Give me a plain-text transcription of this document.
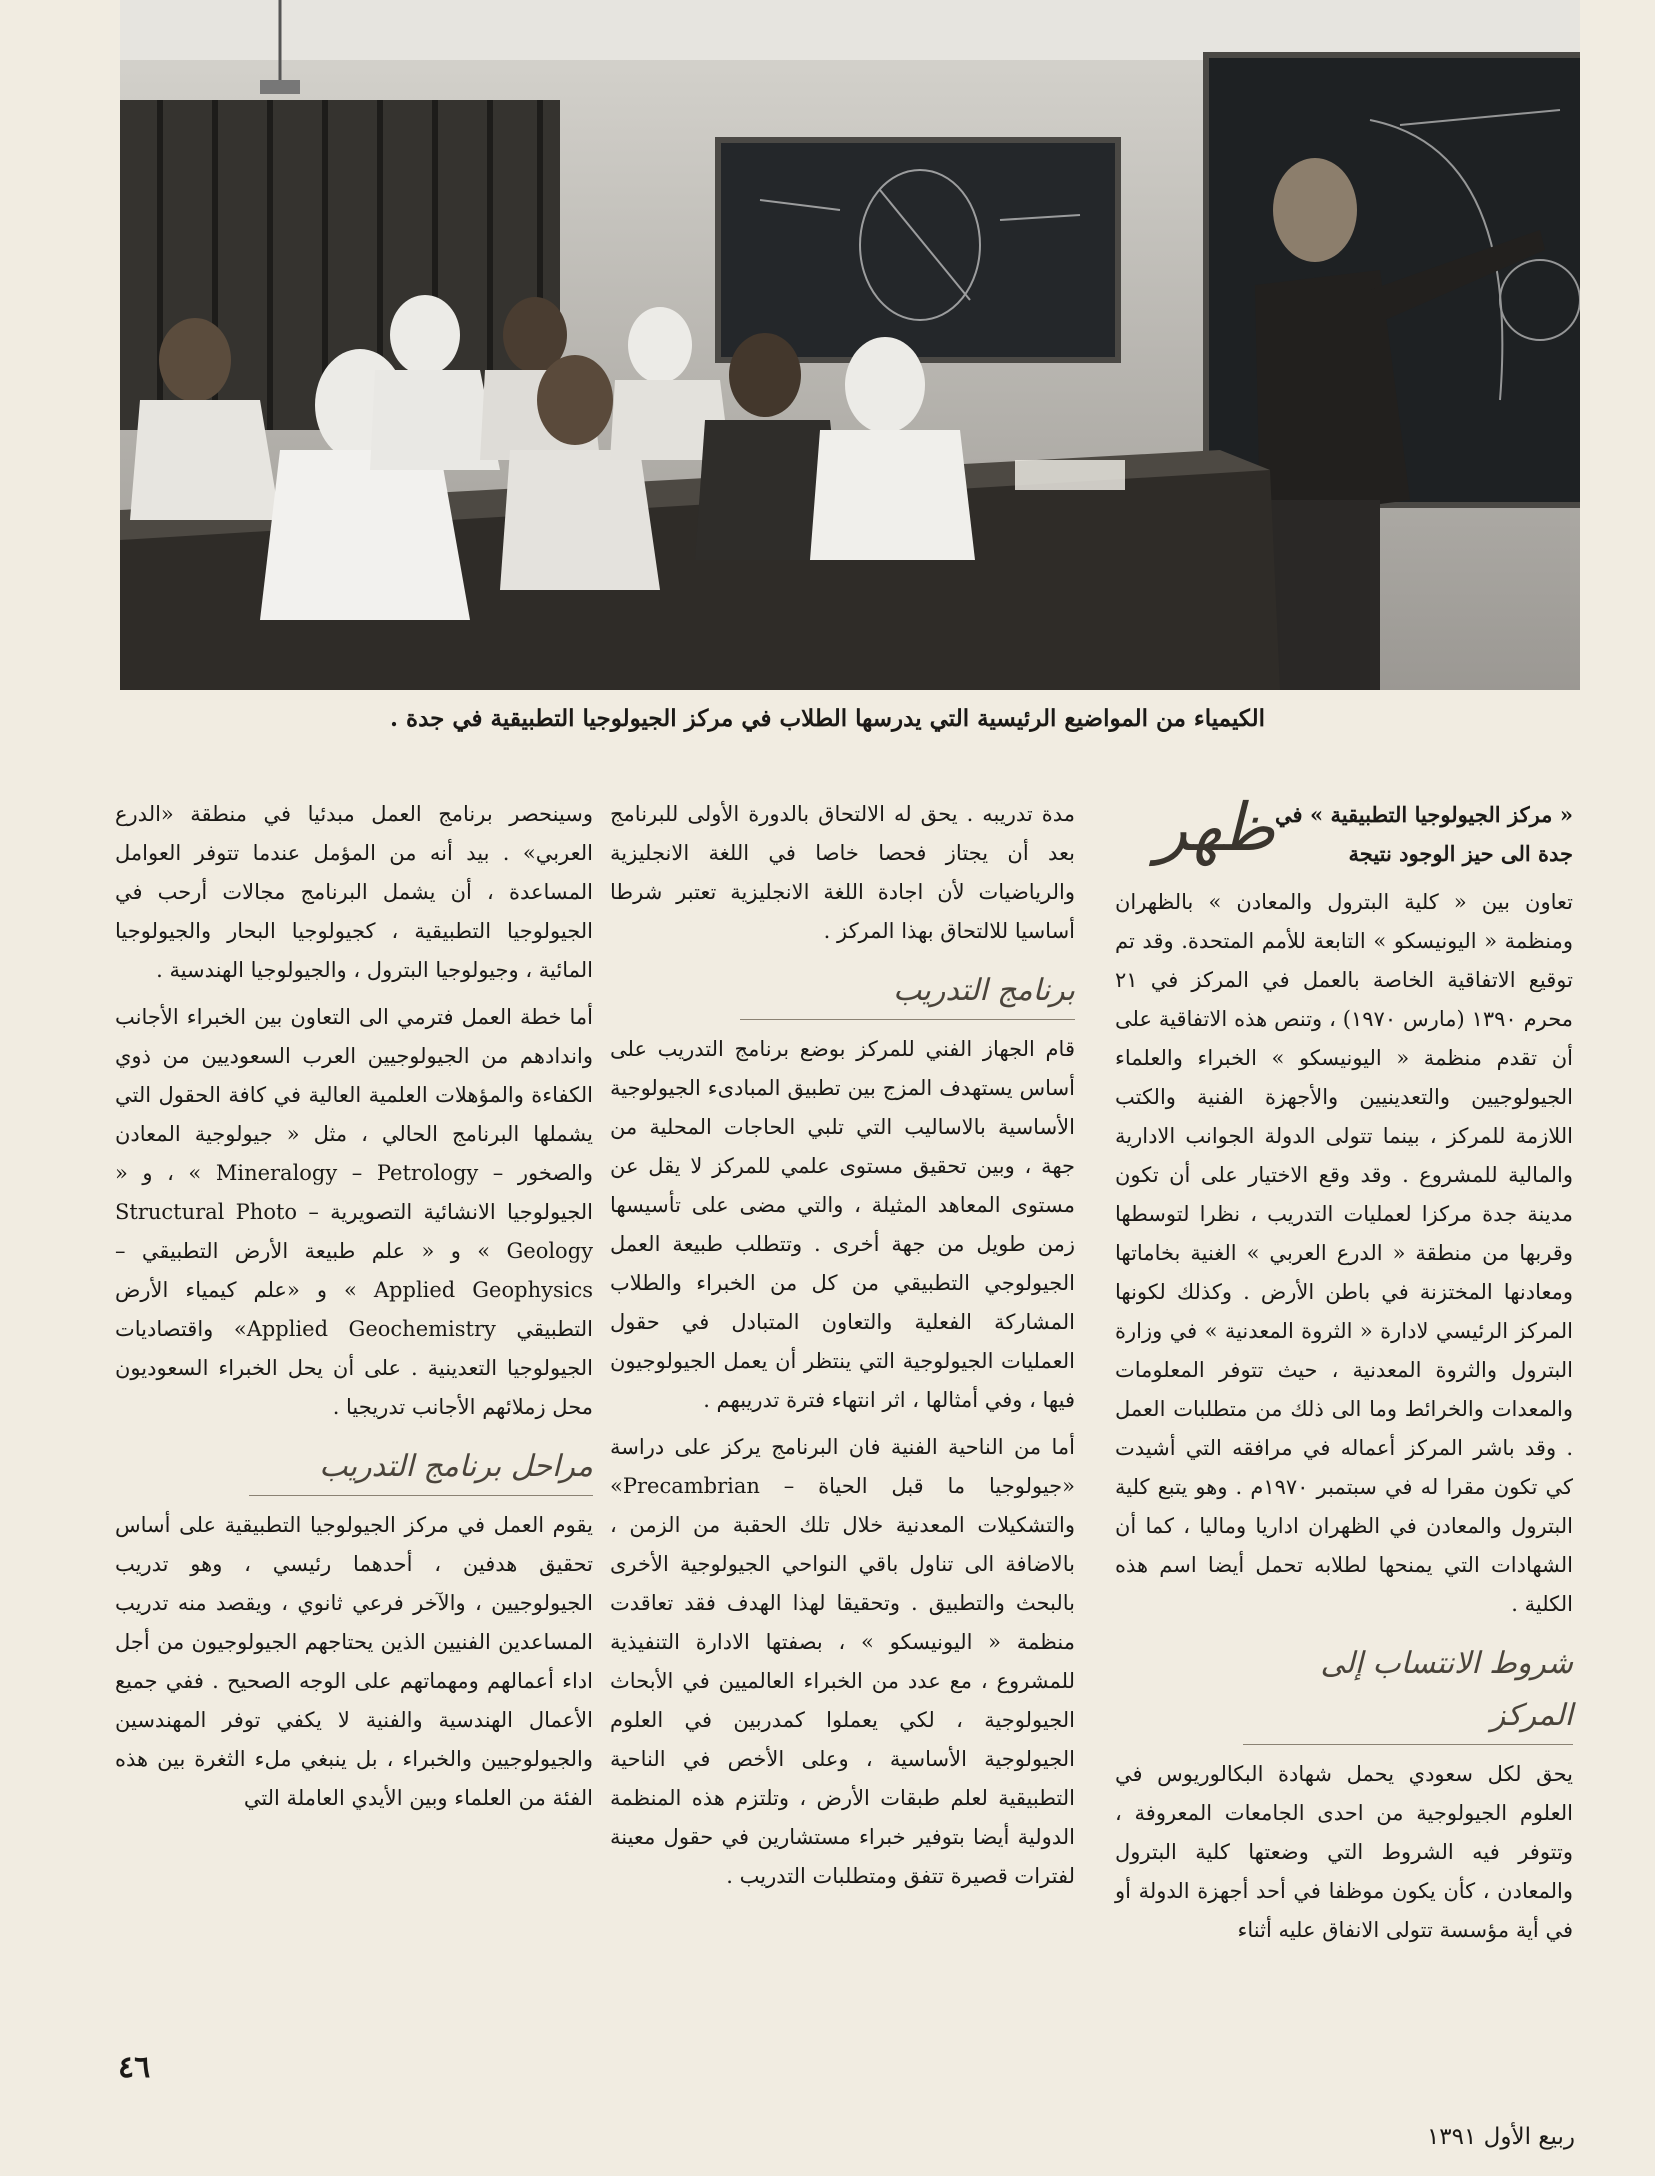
الكيمياء من المواضيع الرئيسية التي يدرسها الطلاب في مركز الجيولوجيا التطبيقية في جدة .
« مركز الجيولوجيا التطبيقية » في جدة الى حيز الوجود نتيجة
ظهر

تعاون بين « كلية البترول والمعادن » بالظهران ومنظمة « اليونيسكو » التابعة للأمم المتحدة. وقد تم توقيع الاتفاقية الخاصة بالعمل في المركز في ٢١ محرم ١٣٩٠ (مارس ١٩٧٠) ، وتنص هذه الاتفاقية على أن تقدم منظمة « اليونيسكو » الخبراء والعلماء الجيولوجيين والتعدينيين والأجهزة الفنية والكتب اللازمة للمركز ، بينما تتولى الدولة الجوانب الادارية والمالية للمشروع . وقد وقع الاختيار على أن تكون مدينة جدة مركزا لعمليات التدريب ، نظرا لتوسطها وقربها من منطقة « الدرع العربي » الغنية بخاماتها ومعادنها المختزنة في باطن الأرض . وكذلك لكونها المركز الرئيسي لادارة « الثروة المعدنية » في وزارة البترول والثروة المعدنية ، حيث تتوفر المعلومات والمعدات والخرائط وما الى ذلك من متطلبات العمل . وقد باشر المركز أعماله في مرافقه التي أشيدت كي تكون مقرا له في سبتمبر ١٩٧٠م . وهو يتبع كلية البترول والمعادن في الظهران اداريا وماليا ، كما أن الشهادات التي يمنحها لطلابه تحمل أيضا اسم هذه الكلية .

شروط الانتساب إلى المركز

يحق لكل سعودي يحمل شهادة البكالوريوس في العلوم الجيولوجية من احدى الجامعات المعروفة ، وتتوفر فيه الشروط التي وضعتها كلية البترول والمعادن ، كأن يكون موظفا في أحد أجهزة الدولة أو في أية مؤسسة تتولى الانفاق عليه أثناء

مدة تدريبه . يحق له الالتحاق بالدورة الأولى للبرنامج بعد أن يجتاز فحصا خاصا في اللغة الانجليزية والرياضيات لأن اجادة اللغة الانجليزية تعتبر شرطا أساسيا للالتحاق بهذا المركز .

برنامج التدريب

قام الجهاز الفني للمركز بوضع برنامج التدريب على أساس يستهدف المزج بين تطبيق المبادىء الجيولوجية الأساسية بالاساليب التي تلبي الحاجات المحلية من جهة ، وبين تحقيق مستوى علمي للمركز لا يقل عن مستوى المعاهد المثيلة ، والتي مضى على تأسيسها زمن طويل من جهة أخرى . وتتطلب طبيعة العمل الجيولوجي التطبيقي من كل من الخبراء والطلاب المشاركة الفعلية والتعاون المتبادل في حقول العمليات الجيولوجية التي ينتظر أن يعمل الجيولوجيون فيها ، وفي أمثالها ، اثر انتهاء فترة تدريبهم .

أما من الناحية الفنية فان البرنامج يركز على دراسة «جيولوجيا ما قبل الحياة – Precambrian» والتشكيلات المعدنية خلال تلك الحقبة من الزمن ، بالاضافة الى تناول باقي النواحي الجيولوجية الأخرى بالبحث والتطبيق . وتحقيقا لهذا الهدف فقد تعاقدت منظمة « اليونيسكو » ، بصفتها الادارة التنفيذية للمشروع ، مع عدد من الخبراء العالميين في الأبحاث الجيولوجية ، لكي يعملوا كمدربين في العلوم الجيولوجية الأساسية ، وعلى الأخص في الناحية التطبيقية لعلم طبقات الأرض ، وتلتزم هذه المنظمة الدولية أيضا بتوفير خبراء مستشارين في حقول معينة لفترات قصيرة تتفق ومتطلبات التدريب .

وسينحصر برنامج العمل مبدئيا في منطقة «الدرع العربي» . بيد أنه من المؤمل عندما تتوفر العوامل المساعدة ، أن يشمل البرنامج مجالات أرحب في الجيولوجيا التطبيقية ، كجيولوجيا البحار والجيولوجيا المائية ، وجيولوجيا البترول ، والجيولوجيا الهندسية .

أما خطة العمل فترمي الى التعاون بين الخبراء الأجانب واندادهم من الجيولوجيين العرب السعوديين من ذوي الكفاءة والمؤهلات العلمية العالية في كافة الحقول التي يشملها البرنامج الحالي ، مثل « جيولوجية المعادن والصخور – Mineralogy – Petrology » ، و « الجيولوجيا الانشائية التصويرية – Structural Photo Geology » و « علم طبيعة الأرض التطبيقي – Applied Geophysics » و «علم كيمياء الأرض التطبيقي Applied Geochemistry» واقتصاديات الجيولوجيا التعدينية . على أن يحل الخبراء السعوديون محل زملائهم الأجانب تدريجيا .

مراحل برنامج التدريب

يقوم العمل في مركز الجيولوجيا التطبيقية على أساس تحقيق هدفين ، أحدهما رئيسي ، وهو تدريب الجيولوجيين ، والآخر فرعي ثانوي ، ويقصد منه تدريب المساعدين الفنيين الذين يحتاجهم الجيولوجيون من أجل اداء أعمالهم ومهماتهم على الوجه الصحيح . ففي جميع الأعمال الهندسية والفنية لا يكفي توفر المهندسين والجيولوجيين والخبراء ، بل ينبغي ملء الثغرة بين هذه الفئة من العلماء وبين الأيدي العاملة التي

٤٦
ربيع الأول ١٣٩١
